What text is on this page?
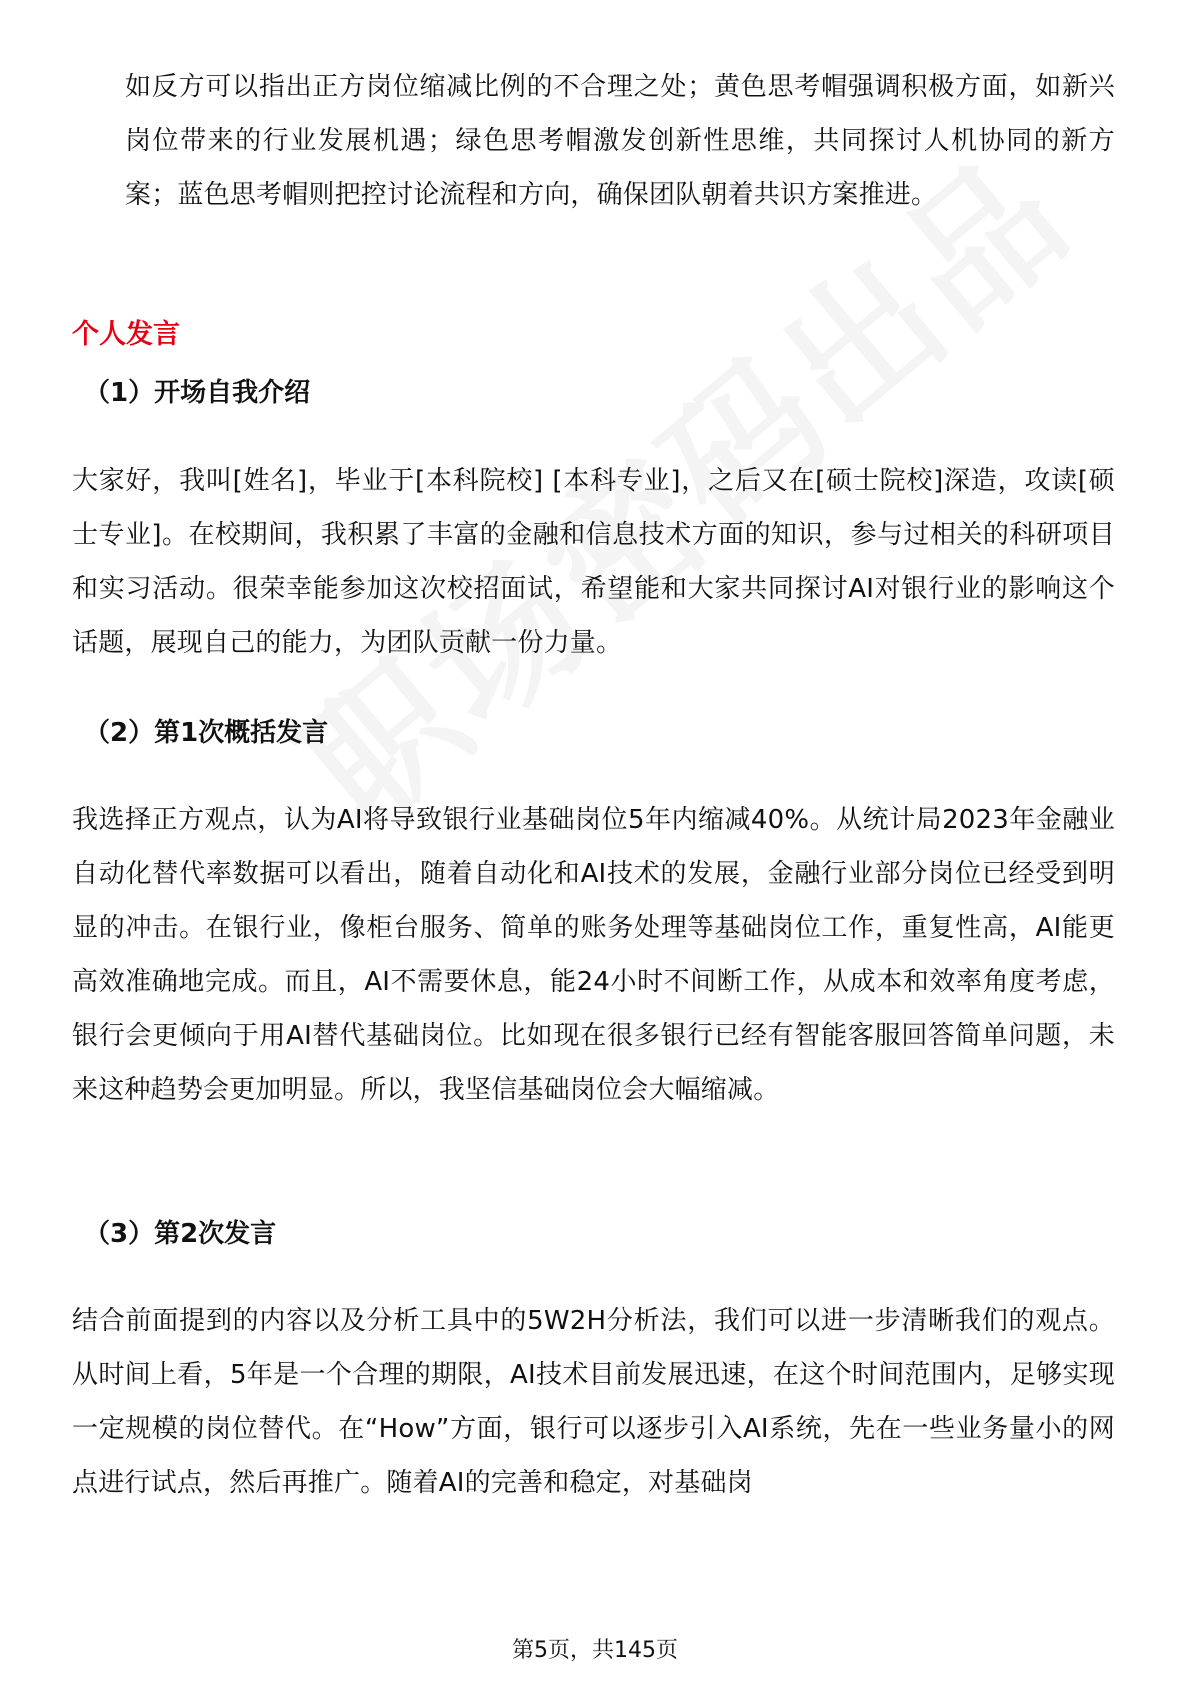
如反方可以指出正方岗位缩减比例的不合理之处；黄色思考帽强调积极方面，如新兴岗位带来的行业发展机遇；绿色思考帽激发创新性思维，共同探讨人机协同的新方案；蓝色思考帽则把控讨论流程和方向，确保团队朝着共识方案推进。

个人发言
（1）开场自我介绍

大家好，我叫[姓名]，毕业于[本科院校] [本科专业]，之后又在[硕士院校]深造，攻读[硕士专业]。在校期间，我积累了丰富的金融和信息技术方面的知识，参与过相关的科研项目和实习活动。很荣幸能参加这次校招面试，希望能和大家共同探讨AI对银行业的影响这个话题，展现自己的能力，为团队贡献一份力量。

（2）第1次概括发言

我选择正方观点，认为AI将导致银行业基础岗位5年内缩减40%。从统计局2023年金融业自动化替代率数据可以看出，随着自动化和AI技术的发展，金融行业部分岗位已经受到明显的冲击。在银行业，像柜台服务、简单的账务处理等基础岗位工作，重复性高，AI能更高效准确地完成。而且，AI不需要休息，能24小时不间断工作，从成本和效率角度考虑，银行会更倾向于用AI替代基础岗位。比如现在很多银行已经有智能客服回答简单问题，未来这种趋势会更加明显。所以，我坚信基础岗位会大幅缩减。

（3）第2次发言

结合前面提到的内容以及分析工具中的5W2H分析法，我们可以进一步清晰我们的观点。从时间上看，5年是一个合理的期限，AI技术目前发展迅速，在这个时间范围内，足够实现一定规模的岗位替代。在“How”方面，银行可以逐步引入AI系统，先在一些业务量小的网点进行试点，然后再推广。随着AI的完善和稳定，对基础岗

第5页，共145页
